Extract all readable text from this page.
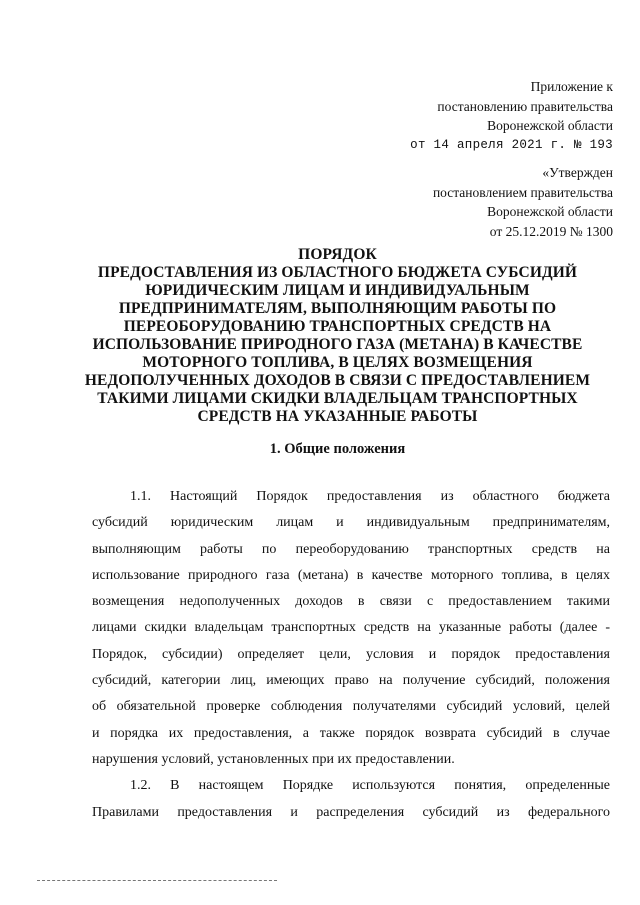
Приложение к
постановлению правительства
Воронежской области
от 14 апреля 2021 г. № 193
«Утвержден
постановлением правительства
Воронежской области
от 25.12.2019 № 1300
ПОРЯДОК
ПРЕДОСТАВЛЕНИЯ ИЗ ОБЛАСТНОГО БЮДЖЕТА СУБСИДИЙ
ЮРИДИЧЕСКИМ ЛИЦАМ И ИНДИВИДУАЛЬНЫМ
ПРЕДПРИНИМАТЕЛЯМ, ВЫПОЛНЯЮЩИМ РАБОТЫ ПО
ПЕРЕОБОРУДОВАНИЮ ТРАНСПОРТНЫХ СРЕДСТВ НА
ИСПОЛЬЗОВАНИЕ ПРИРОДНОГО ГАЗА (МЕТАНА) В КАЧЕСТВЕ
МОТОРНОГО ТОПЛИВА, В ЦЕЛЯХ ВОЗМЕЩЕНИЯ
НЕДОПОЛУЧЕННЫХ ДОХОДОВ В СВЯЗИ С ПРЕДОСТАВЛЕНИЕМ
ТАКИМИ ЛИЦАМИ СКИДКИ ВЛАДЕЛЬЦАМ ТРАНСПОРТНЫХ
СРЕДСТВ НА УКАЗАННЫЕ РАБОТЫ
1. Общие положения
1.1. Настоящий Порядок предоставления из областного бюджета
субсидий юридическим лицам и индивидуальным предпринимателям,
выполняющим работы по переоборудованию транспортных средств на
использование природного газа (метана) в качестве моторного топлива, в целях
возмещения недополученных доходов в связи с предоставлением такими
лицами скидки владельцам транспортных средств на указанные работы (далее -
Порядок, субсидии) определяет цели, условия и порядок предоставления
субсидий, категории лиц, имеющих право на получение субсидий, положения
об обязательной проверке соблюдения получателями субсидий условий, целей
и порядка их предоставления, а также порядок возврата субсидий в случае
нарушения условий, установленных при их предоставлении.
1.2. В настоящем Порядке используются понятия, определенные
Правилами предоставления и распределения субсидий из федерального
